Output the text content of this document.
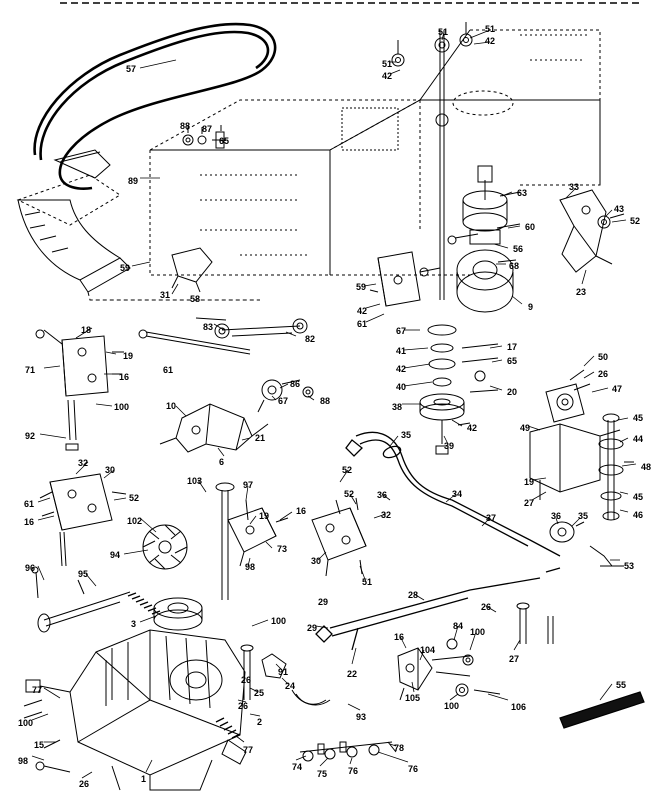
57
88 87
65
89
59
31 58
83
82
18
19
71
16
61
100
92
10
21
6
86
88
67
32
30
61
52
16
103
102
97
19	16
94
73
98
96
95
3	100
29
22
28
26
27
16
104
84
100
105
100	106
55
77
100
15
98
26	1
77
2
26
25
24
91
26
93
74
75 76
78
76
51
42
51	51
42
63
60
56
68
9
59
42
61
67
41
42
40
38
42
39
17
65
20
33
43
52
23
50
26
47
49
45
44
48
19
27
45
46
36 35
53
35
52
36
52
32
34
37
30
51
29
